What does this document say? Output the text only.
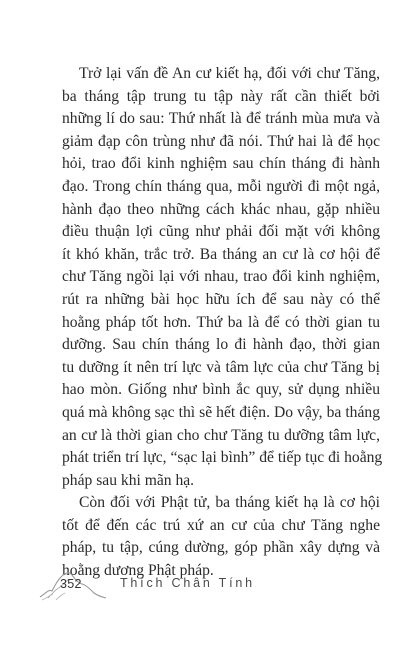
Trở lại vấn đề An cư kiết hạ, đối với chư Tăng,
ba tháng tập trung tu tập này rất cần thiết bởi
những lí do sau: Thứ nhất là để tránh mùa mưa và
giảm đạp côn trùng như đã nói. Thứ hai là để học
hỏi, trao đổi kinh nghiệm sau chín tháng đi hành
đạo. Trong chín tháng qua, mỗi người đi một ngả,
hành đạo theo những cách khác nhau, gặp nhiều
điều thuận lợi cũng như phải đối mặt với không
ít khó khăn, trắc trở. Ba tháng an cư là cơ hội để
chư Tăng ngồi lại với nhau, trao đổi kinh nghiệm,
rút ra những bài học hữu ích để sau này có thể
hoằng pháp tốt hơn. Thứ ba là để có thời gian tu
dưỡng. Sau chín tháng lo đi hành đạo, thời gian
tu dưỡng ít nên trí lực và tâm lực của chư Tăng bị
hao mòn. Giống như bình ắc quy, sử dụng nhiều
quá mà không sạc thì sẽ hết điện. Do vậy, ba tháng
an cư là thời gian cho chư Tăng tu dưỡng tâm lực,
phát triển trí lực, “sạc lại bình” để tiếp tục đi hoằng
pháp sau khi mãn hạ.
Còn đối với Phật tử, ba tháng kiết hạ là cơ hội
tốt để đến các trú xứ an cư của chư Tăng nghe
pháp, tu tập, cúng dường, góp phần xây dựng và
hoằng dương Phật pháp.
352	Thích Chân Tính
